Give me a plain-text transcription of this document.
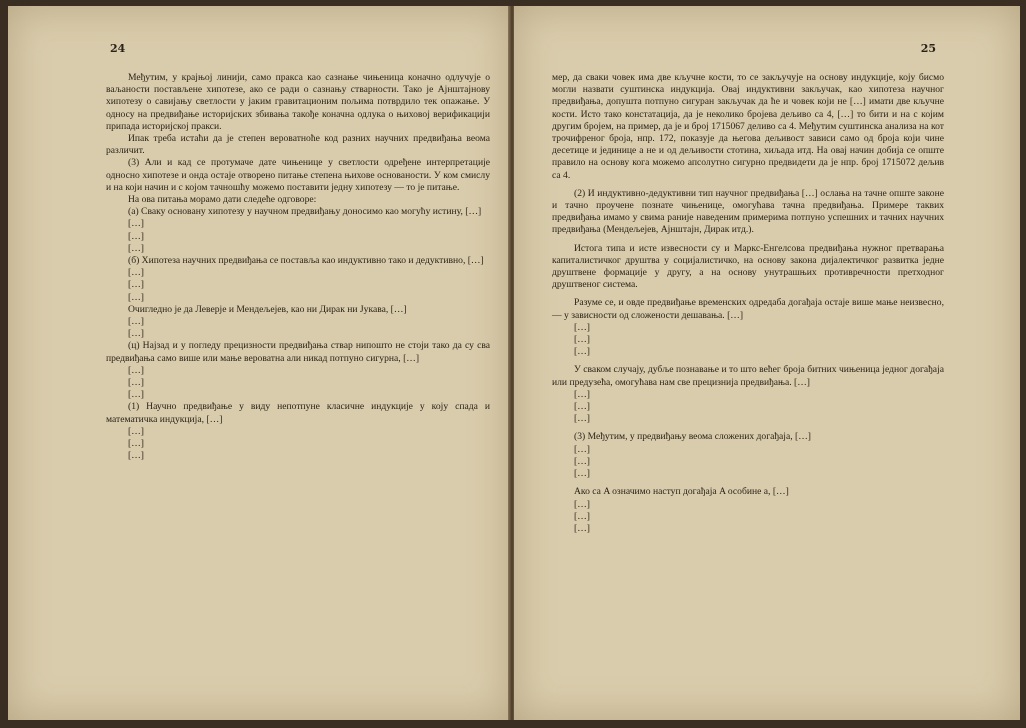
24

Међутим, у крајњој линији, само пракса као сазнање чињеница коначно одлучује о ваљаности постављене хипотезе, ако се ради о сазнању стварности. Тако је Ајнштајнову хипотезу о савијању светлости у јаким гравитационим пољима потврдило тек опажање. У односу на предвиђање историјских збивања такође коначна одлука о њиховој верификацији припада историјској пракси.

Ипак треба истаћи да је степен вероватноће код разних научних предвиђања веома различит.

(3) Али и кад се протумаче дате чињенице у светлости одређене интерпретације односно хипотезе и онда остаје отворено питање степена њихове основаности. У ком смислу и на који начин и с којом тачношћу можемо поставити једну хипотезу — то је питање.

На ова питања морамо дати следеће одговоре:

(а) Сваку основану хипотезу у научном предвиђању доносимо као могућу истину, […]

[…]

[…]

[…]

(б) Хипотеза научних предвиђања се поставља као индуктивно тако и дедуктивно, […]

[…]

[…]

[…]

Очигледно је да Леверје и Мендељејев, као ни Дирак ни Јукава, […]

[…]

[…]

(ц) Најзад и у погледу прецизности предвиђања ствар нипошто не стоји тако да су сва предвиђања само више или мање вероватна али никад потпуно сигурна, […]

[…]

[…]

[…]

(1) Научно предвиђање у виду непотпуне класичне индукције у коју спада и математичка индукција, […]

[…]

[…]

[…]

25

мер, да сваки човек има две кључне кости, то се закључује на основу индукције, коју бисмо могли назвати суштинска индукција. Овај индуктивни закључак, као хипотеза научног предвиђања, допушта потпуно сигуран закључак да ће и човек који не […] имати две кључне кости. Исто тако констатација, да је неколико бројева дељиво са 4, […] то бити и на с којим другим бројем, на пример, да је и број 1715067 деливо са 4. Међутим суштинска анализа на кот трочифреног броја, нпр. 172, показује да његова дељивост зависи само од броја који чине десетице и јединице а не и од дељивости стотина, хиљада итд. На овај начин добија се опште правило на основу кога можемо апсолутно сигурно предвидети да је нпр. број 1715072 дељив са 4.

(2) И индуктивно-дедуктивни тип научног предвиђања […] ослања на тачне опште законе и тачно проучене познате чињенице, омогућава тачна предвиђања. Примере таквих предвиђања имамо у свима раније наведеним примерима потпуно успешних и тачних научних предвиђања (Мендељејев, Ајнштајн, Дирак итд.).

Истога типа и исте извесности су и Маркс-Енгелсова предвиђања нужног претварања капиталистичког друштва у социјалистичко, на основу закона дијалектичког развитка једне друштвене формације у другу, а на основу унутрашњих противречности претходног друштвеног система.

Разуме се, и овде предвиђање временских одредаба догађаја остаје више мање неизвесно, — у зависности од сложености дешавања. […]

[…]

[…]

[…]

У сваком случају, дубље познавање и то што већег броја битних чињеница једног догађаја или предузећа, омогућава нам све прецизнија предвиђања. […]

[…]

[…]

[…]

(3) Међутим, у предвиђању веома сложених догађаја, […]

[…]

[…]

[…]

Ако са A означимо наступ догађаја A особине a, […]

[…]

[…]

[…]
